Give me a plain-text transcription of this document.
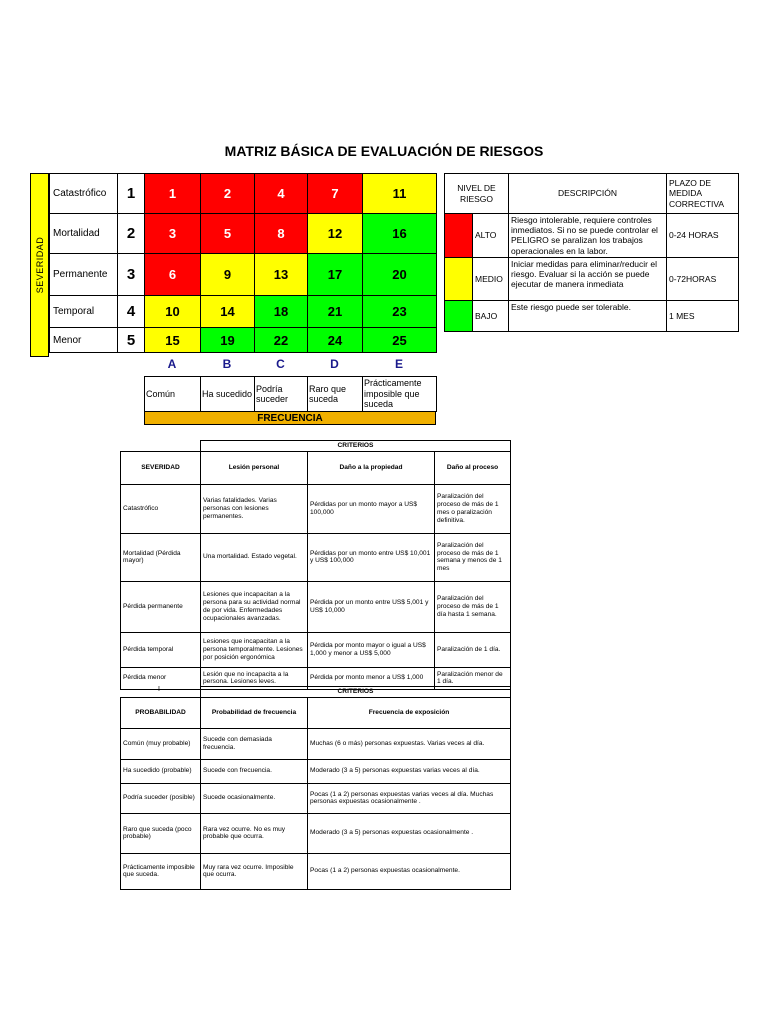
MATRIZ BÁSICA DE EVALUACIÓN DE RIESGOS
SEVERIDAD
Catastrófico	1	1	2	4	7	11
Mortalidad	2	3	5	8	12	16
Permanente	3	6	9	13	17	20
Temporal	4	10	14	18	21	23
Menor	5	15	19	22	24	25
A	B	C	D	E
Común	Ha sucedido	Podría suceder	Raro que suceda	Prácticamente imposible que suceda
FRECUENCIA
NIVEL DE RIESGO		DESCRIPCIÓN	PLAZO DE MEDIDA CORRECTIVA
	ALTO	Riesgo intolerable, requiere controles inmediatos. Si no se puede controlar el PELIGRO se paralizan los trabajos operacionales en la labor.	0-24 HORAS
	MEDIO	Iniciar medidas para eliminar/reducir el riesgo. Evaluar si la acción se puede ejecutar de manera inmediata	0-72HORAS
	BAJO	Este riesgo puede ser tolerable.	1 MES
	CRITERIOS		
SEVERIDAD	Lesión personal	Daño a la propiedad	Daño al proceso
Catastrófico	Varias fatalidades. Varias personas con lesiones permanentes.	Pérdidas por un monto mayor a US$ 100,000	Paralización del proceso de más de 1 mes o paralización definitiva.
Mortalidad (Pérdida mayor)	Una mortalidad. Estado vegetal.	Pérdidas por un monto entre US$ 10,001 y US$ 100,000	Paralización del proceso de más de 1 semana y menos de 1 mes
Pérdida permanente	Lesiones que incapacitan a la persona para su actividad normal de por vida. Enfermedades ocupacionales avanzadas.	Pérdida por un monto entre US$ 5,001 y US$ 10,000	Paralización del proceso de más de 1 día hasta 1 semana.
Pérdida temporal	Lesiones que incapacitan a la persona temporalmente. Lesiones por posición ergonómica	Pérdida por monto mayor o igual a US$ 1,000 y menor a US$ 5,000	Paralización de 1 día.
Pérdida menor	Lesión que no incapacita a la persona. Lesiones leves.	Pérdida por monto menor a US$ 1,000	Paralización menor de 1 día.
I
		CRITERIOS	
PROBABILIDAD	Probabilidad de frecuencia	Frecuencia de exposición
Común (muy probable)	Sucede con demasiada frecuencia.	Muchas (6 o más) personas expuestas. Varias veces al día.
Ha sucedido (probable)	Sucede con frecuencia.	Moderado (3 a 5) personas expuestas varias veces al día.
Podría suceder (posible)	Sucede ocasionalmente.	Pocas (1 a 2) personas expuestas varias veces al día. Muchas personas expuestas ocasionalmente .
Raro que suceda (poco probable)	Rara vez ocurre. No es muy probable que ocurra.	Moderado (3 a 5) personas expuestas ocasionalmente .
Prácticamente imposible que suceda.	Muy rara vez ocurre. Imposible que ocurra.	Pocas (1 a 2) personas expuestas ocasionalmente.
